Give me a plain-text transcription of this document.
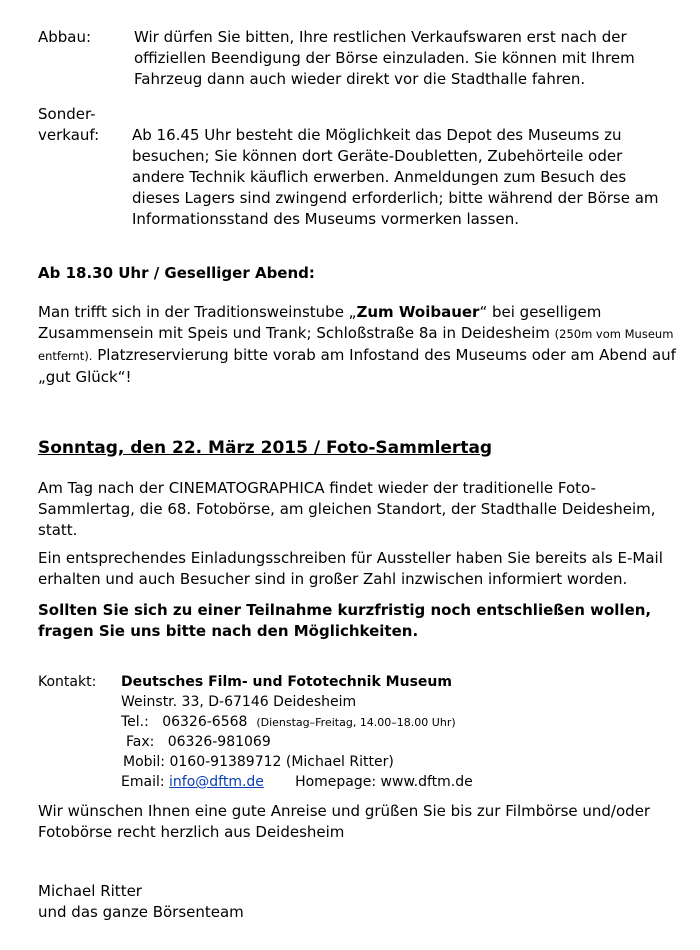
Abbau:	Wir dürfen Sie bitten, Ihre restlichen Verkaufswaren erst nach der
offiziellen Beendigung der Börse einzuladen. Sie können mit Ihrem
Fahrzeug dann auch wieder direkt vor die Stadthalle fahren.
Sonder-
verkauf: Ab 16.45 Uhr besteht die Möglichkeit das Depot des Museums zu
besuchen; Sie können dort Geräte-Doubletten, Zubehörteile oder
andere Technik käuflich erwerben. Anmeldungen zum Besuch des
dieses Lagers sind zwingend erforderlich; bitte während der Börse am
Informationsstand des Museums vormerken lassen.
Ab 18.30 Uhr / Geselliger Abend:
Man trifft sich in der Traditionsweinstube „Zum Woibauer“ bei geselligem
Zusammensein mit Speis und Trank; Schloßstraße 8a in Deidesheim (250m vom Museum
entfernt). Platzreservierung bitte vorab am Infostand des Museums oder am Abend auf
„gut Glück“!
Sonntag, den 22. März 2015 / Foto-Sammlertag
Am Tag nach der CINEMATOGRAPHICA findet wieder der traditionelle Foto-
Sammlertag, die 68. Fotobörse, am gleichen Standort, der Stadthalle Deidesheim,
statt.
Ein entsprechendes Einladungsschreiben für Aussteller haben Sie bereits als E-Mail
erhalten und auch Besucher sind in großer Zahl inzwischen informiert worden.
Sollten Sie sich zu einer Teilnahme kurzfristig noch entschließen wollen,
fragen Sie uns bitte nach den Möglichkeiten.
Kontakt: Deutsches Film- und Fototechnik Museum
Weinstr. 33, D-67146 Deidesheim
Tel.: 06326-6568 (Dienstag–Freitag, 14.00–18.00 Uhr)
Fax: 06326-981069
Mobil: 0160-91389712 (Michael Ritter)
Email: info@dftm.de Homepage: www.dftm.de
Wir wünschen Ihnen eine gute Anreise und grüßen Sie bis zur Filmbörse und/oder
Fotobörse recht herzlich aus Deidesheim
Michael Ritter
und das ganze Börsenteam
